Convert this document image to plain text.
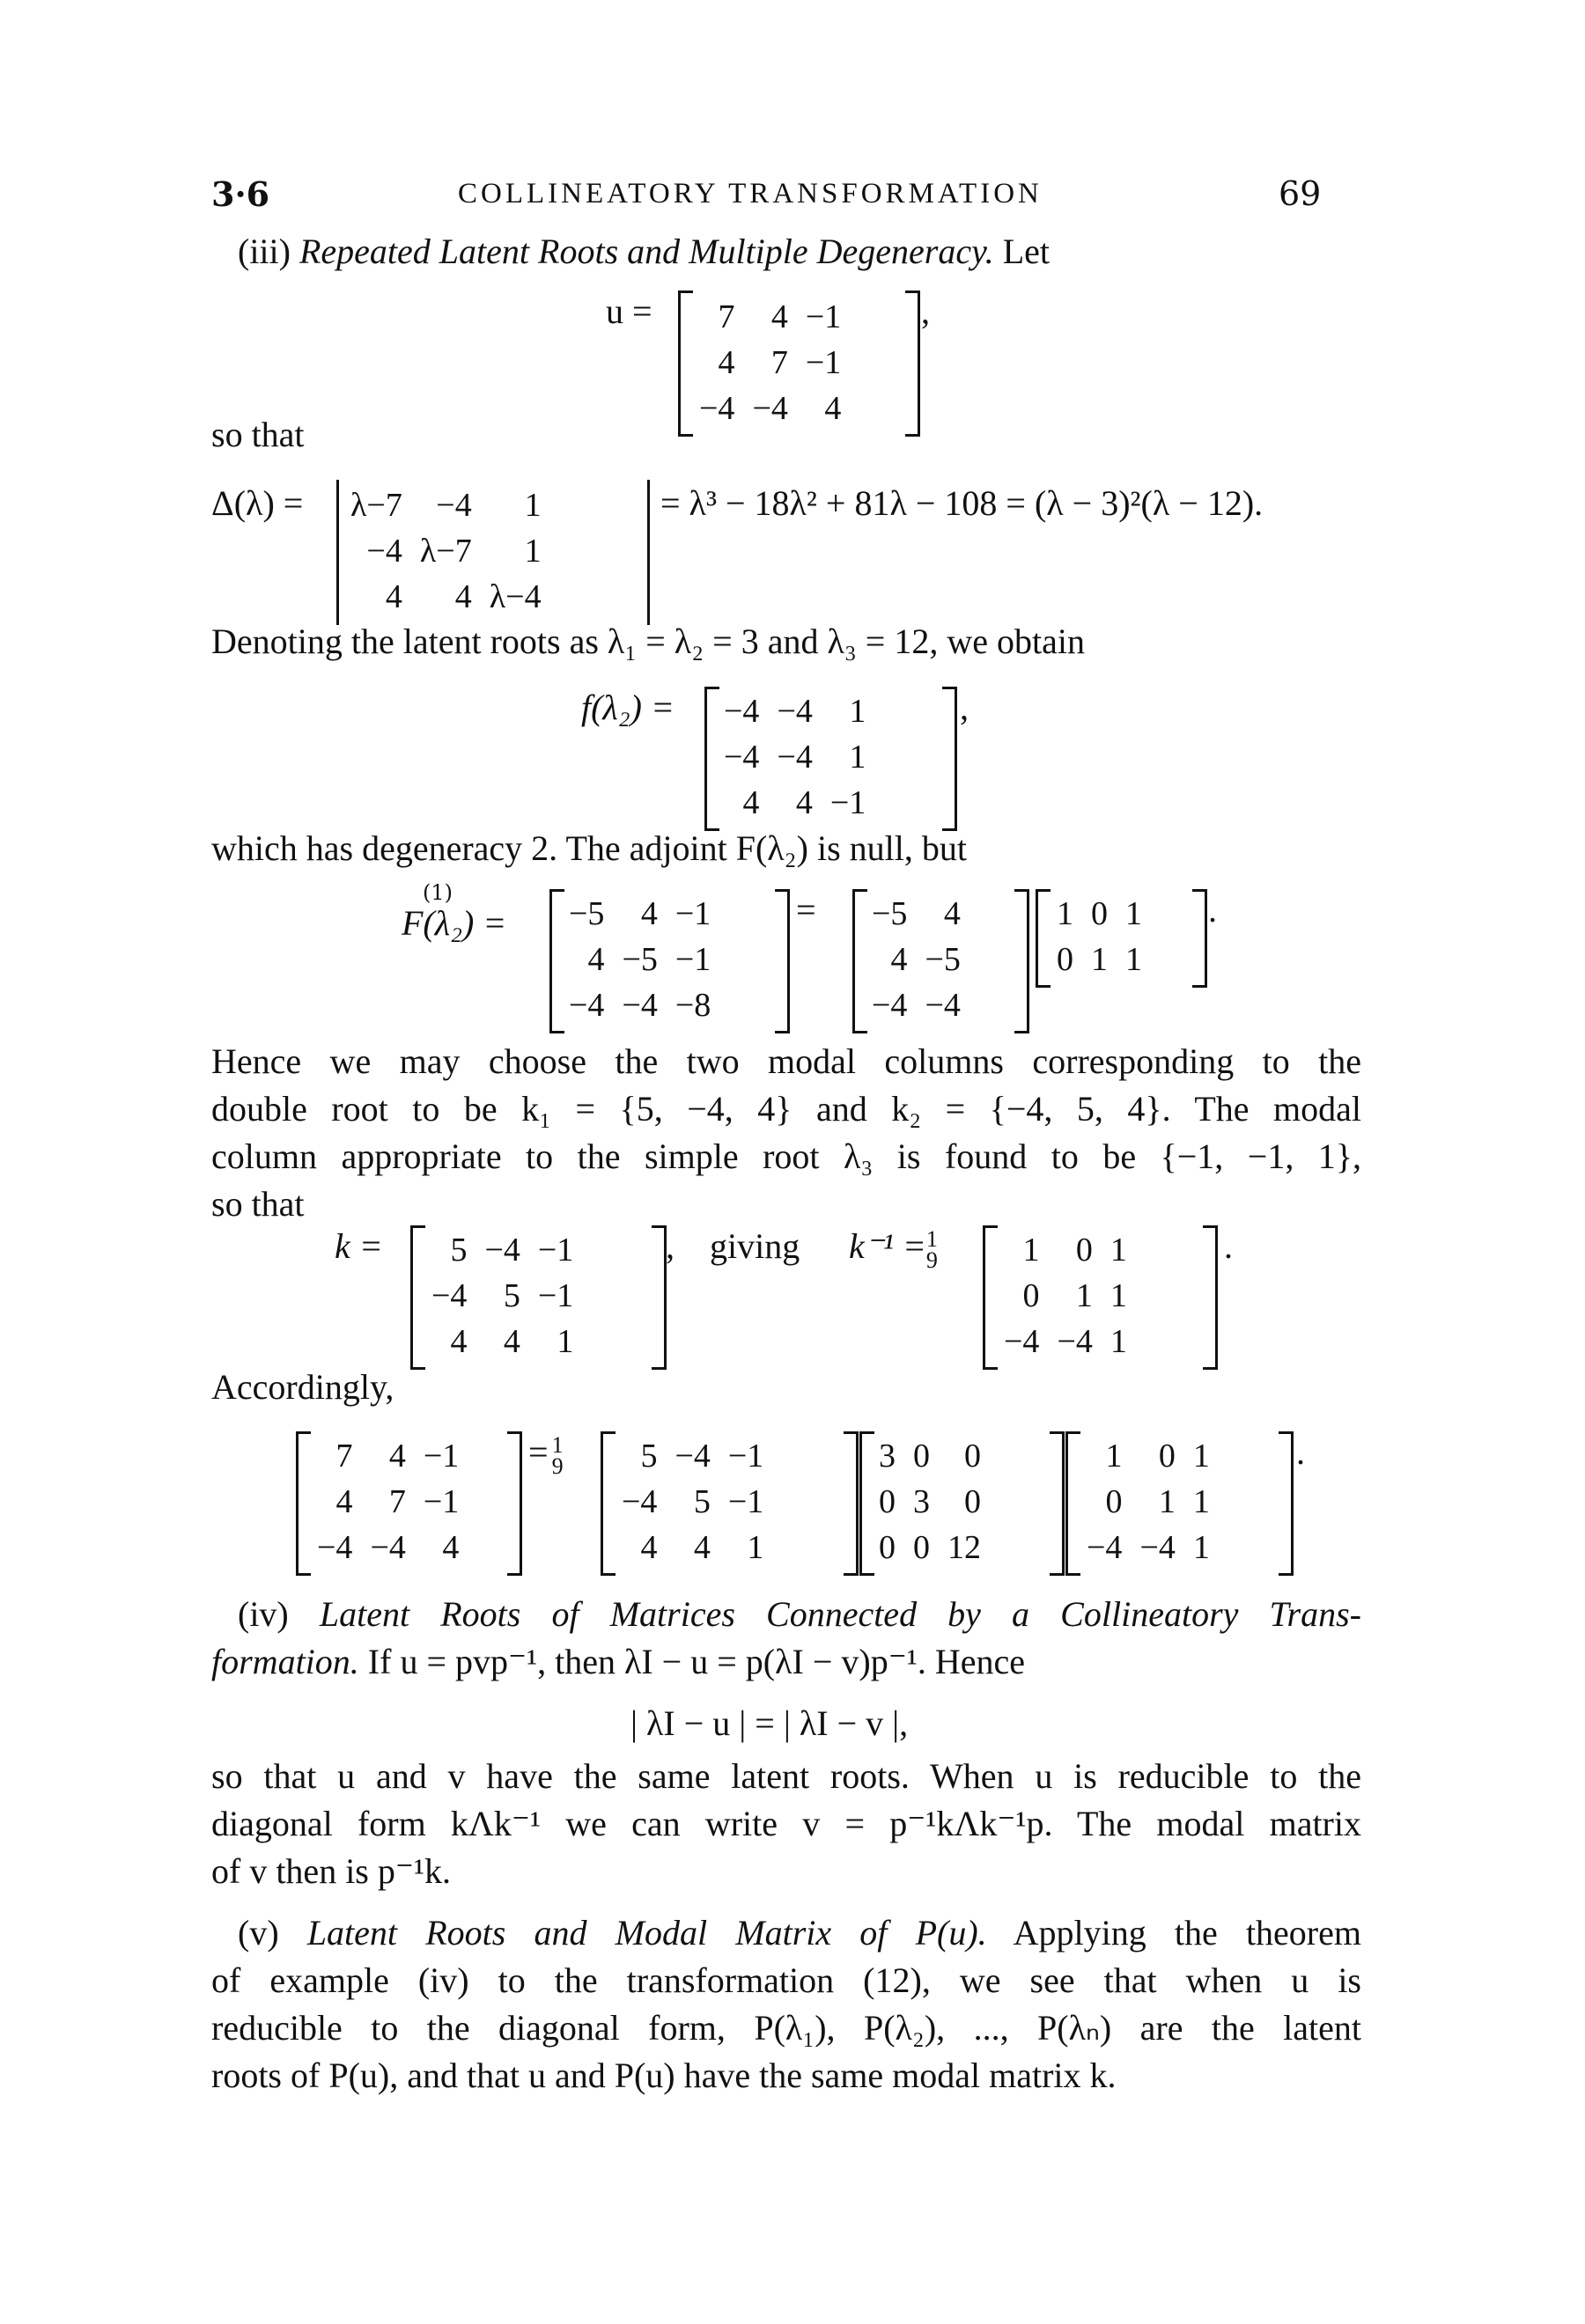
3·6	COLLINEATORY TRANSFORMATION	69
(iii) Repeated Latent Roots and Multiple Degeneracy. Let
u =	,
7	4	−1
4	7	−1
−4	−4	4
so that
Δ(λ) = λ−7	−4	1
−4	λ−7	1
4	4	λ−4
= λ³ − 18λ² + 81λ − 108 = (λ − 3)²(λ − 12).
Denoting the latent roots as λ₁ = λ₂ = 3 and λ₃ = 12, we obtain
f(λ₂) =	,
−4	−4	1
−4	−4	1
4	4	−1
which has degeneracy 2. The adjoint F(λ₂) is null, but
(1)
F(λ₂) = −5	4	−1
4	−5	−1
−4	−4	−8
= −5	4
4	−5
−4	−4
.
1	0	1
0	1	1
Hence we may choose the two modal columns corresponding to the
double root to be k₁ = {5, −4, 4} and k₂ = {−4, 5, 4}. The modal
column appropriate to the simple root λ₃ is found to be {−1, −1, 1},
so that
k =	,
5	−4	−1
−4	5	−1
4	4	1
giving k⁻¹ =1
9	.
1	0	1
0	1	1
−4	−4	1
Accordingly,
7	4	−1
4	7	−1
−4	−4	4
= 1
9 5	−4	−1
−4	5	−1
4	4	1
3	0	0
0	3	0
0	0	12
.
1	0	1
0	1	1
−4	−4	1
(iv) Latent Roots of Matrices Connected by a Collineatory Trans-
formation. If u = pvp⁻¹, then λI − u = p(λI − v)p⁻¹. Hence
| λI − u | = | λI − v |,
so that u and v have the same latent roots. When u is reducible to the
diagonal form kΛk⁻¹ we can write v = p⁻¹kΛk⁻¹p. The modal matrix
of v then is p⁻¹k.
(v) Latent Roots and Modal Matrix of P(u). Applying the theorem
of example (iv) to the transformation (12), we see that when u is
reducible to the diagonal form, P(λ₁), P(λ₂), ..., P(λₙ) are the latent
roots of P(u), and that u and P(u) have the same modal matrix k.
